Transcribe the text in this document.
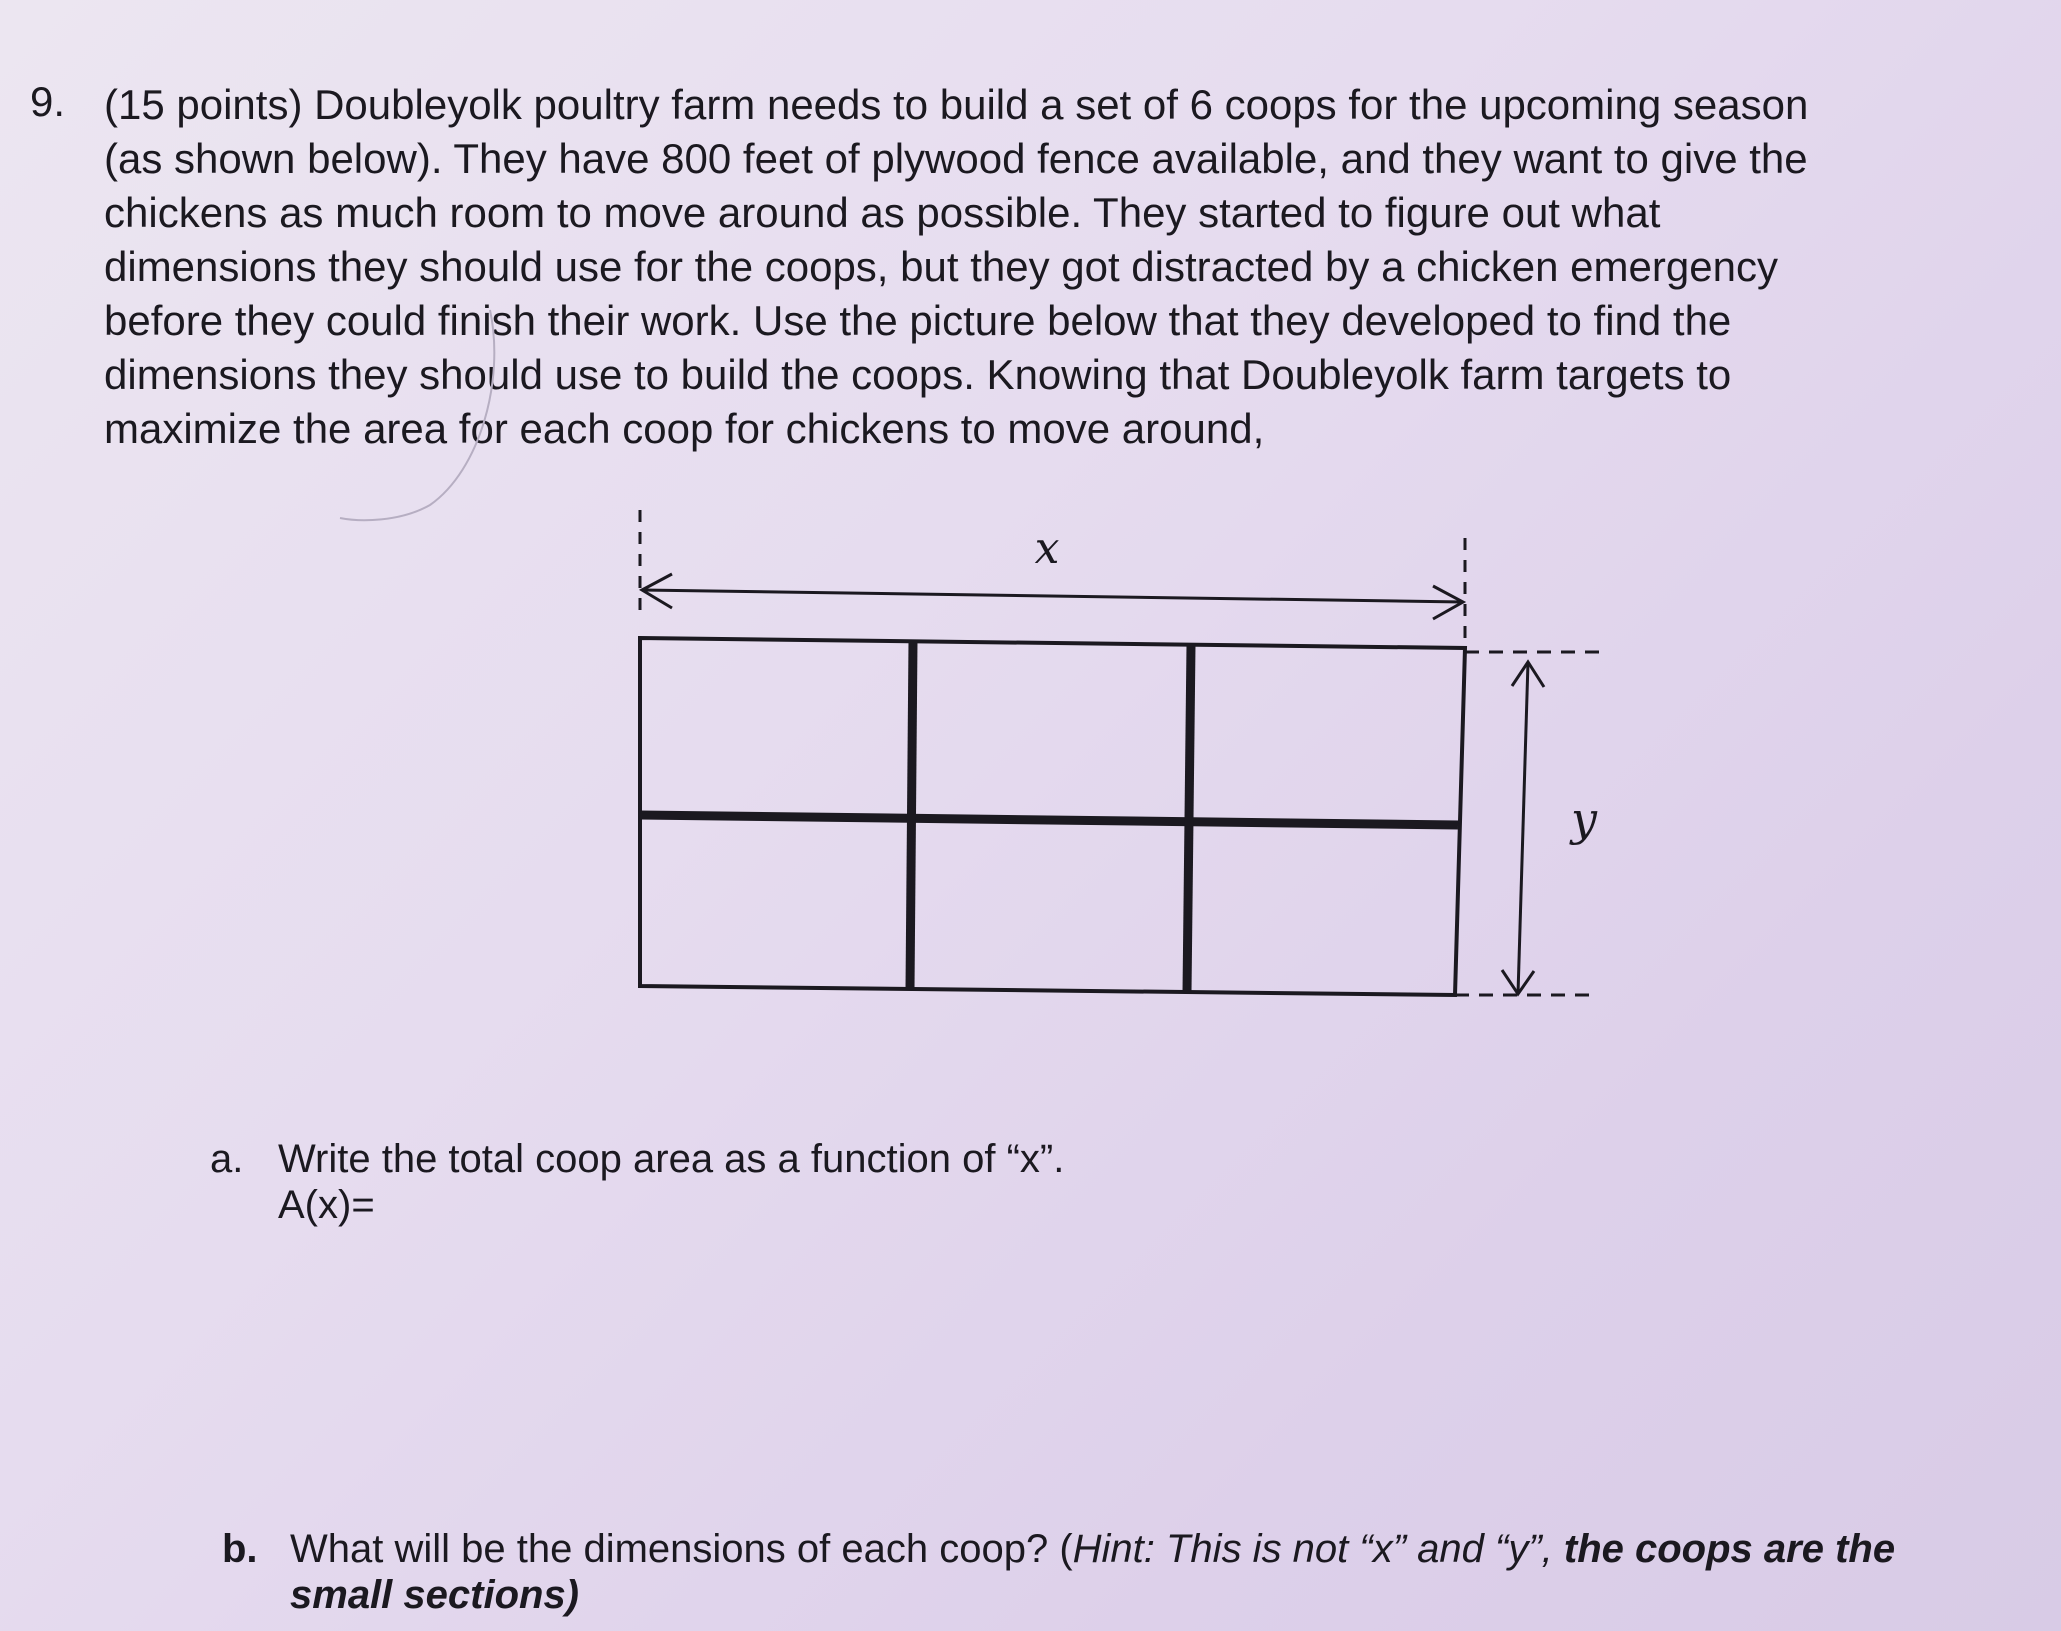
9. (15 points) Doubleyolk poultry farm needs to build a set of 6 coops for the upcoming season
(as shown below). They have 800 feet of plywood fence available, and they want to give the
chickens as much room to move around as possible. They started to figure out what
dimensions they should use for the coops, but they got distracted by a chicken emergency
before they could finish their work. Use the picture below that they developed to find the
dimensions they should use to build the coops. Knowing that Doubleyolk farm targets to
maximize the area for each coop for chickens to move around,
x
y
a. Write the total coop area as a function of “x”.
A(x)=
b. What will be the dimensions of each coop? (Hint: This is not “x” and “y”, the coops are the small sections)
